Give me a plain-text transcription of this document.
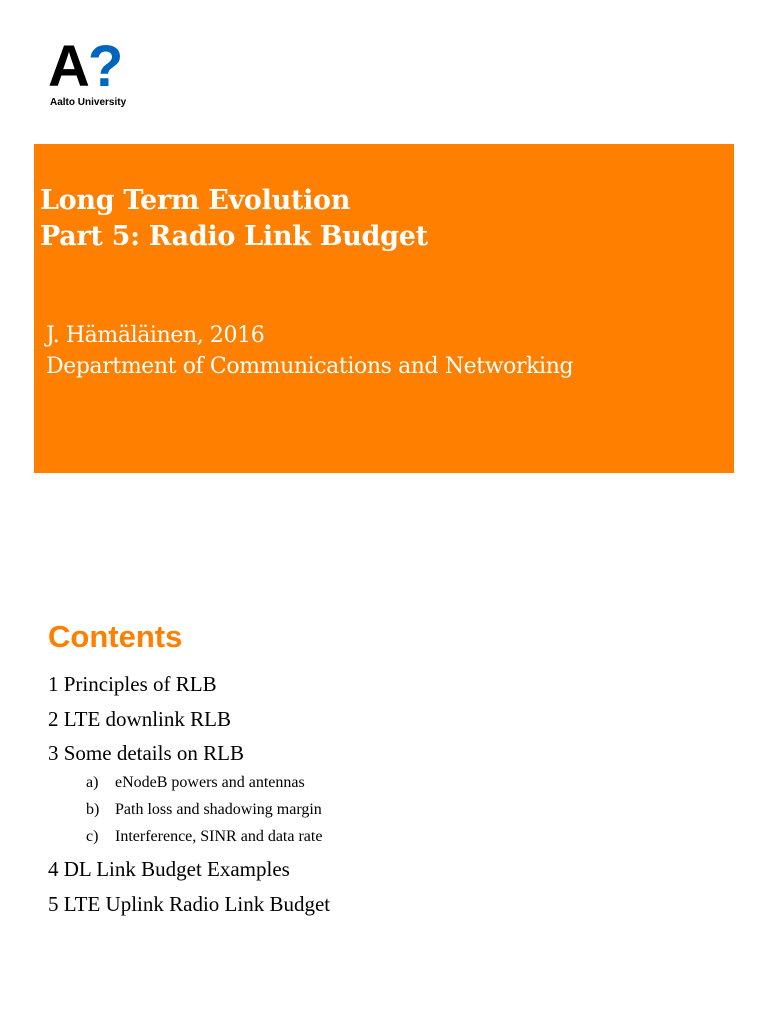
A?
Aalto University
Long Term Evolution
Part 5: Radio Link Budget
J. Hämäläinen, 2016
Department of Communications and Networking
Contents
1 Principles of RLB
2 LTE downlink RLB
3 Some details on RLB
a) eNodeB powers and antennas
b) Path loss and shadowing margin
c) Interference, SINR and data rate
4 DL Link Budget Examples
5 LTE Uplink Radio Link Budget
